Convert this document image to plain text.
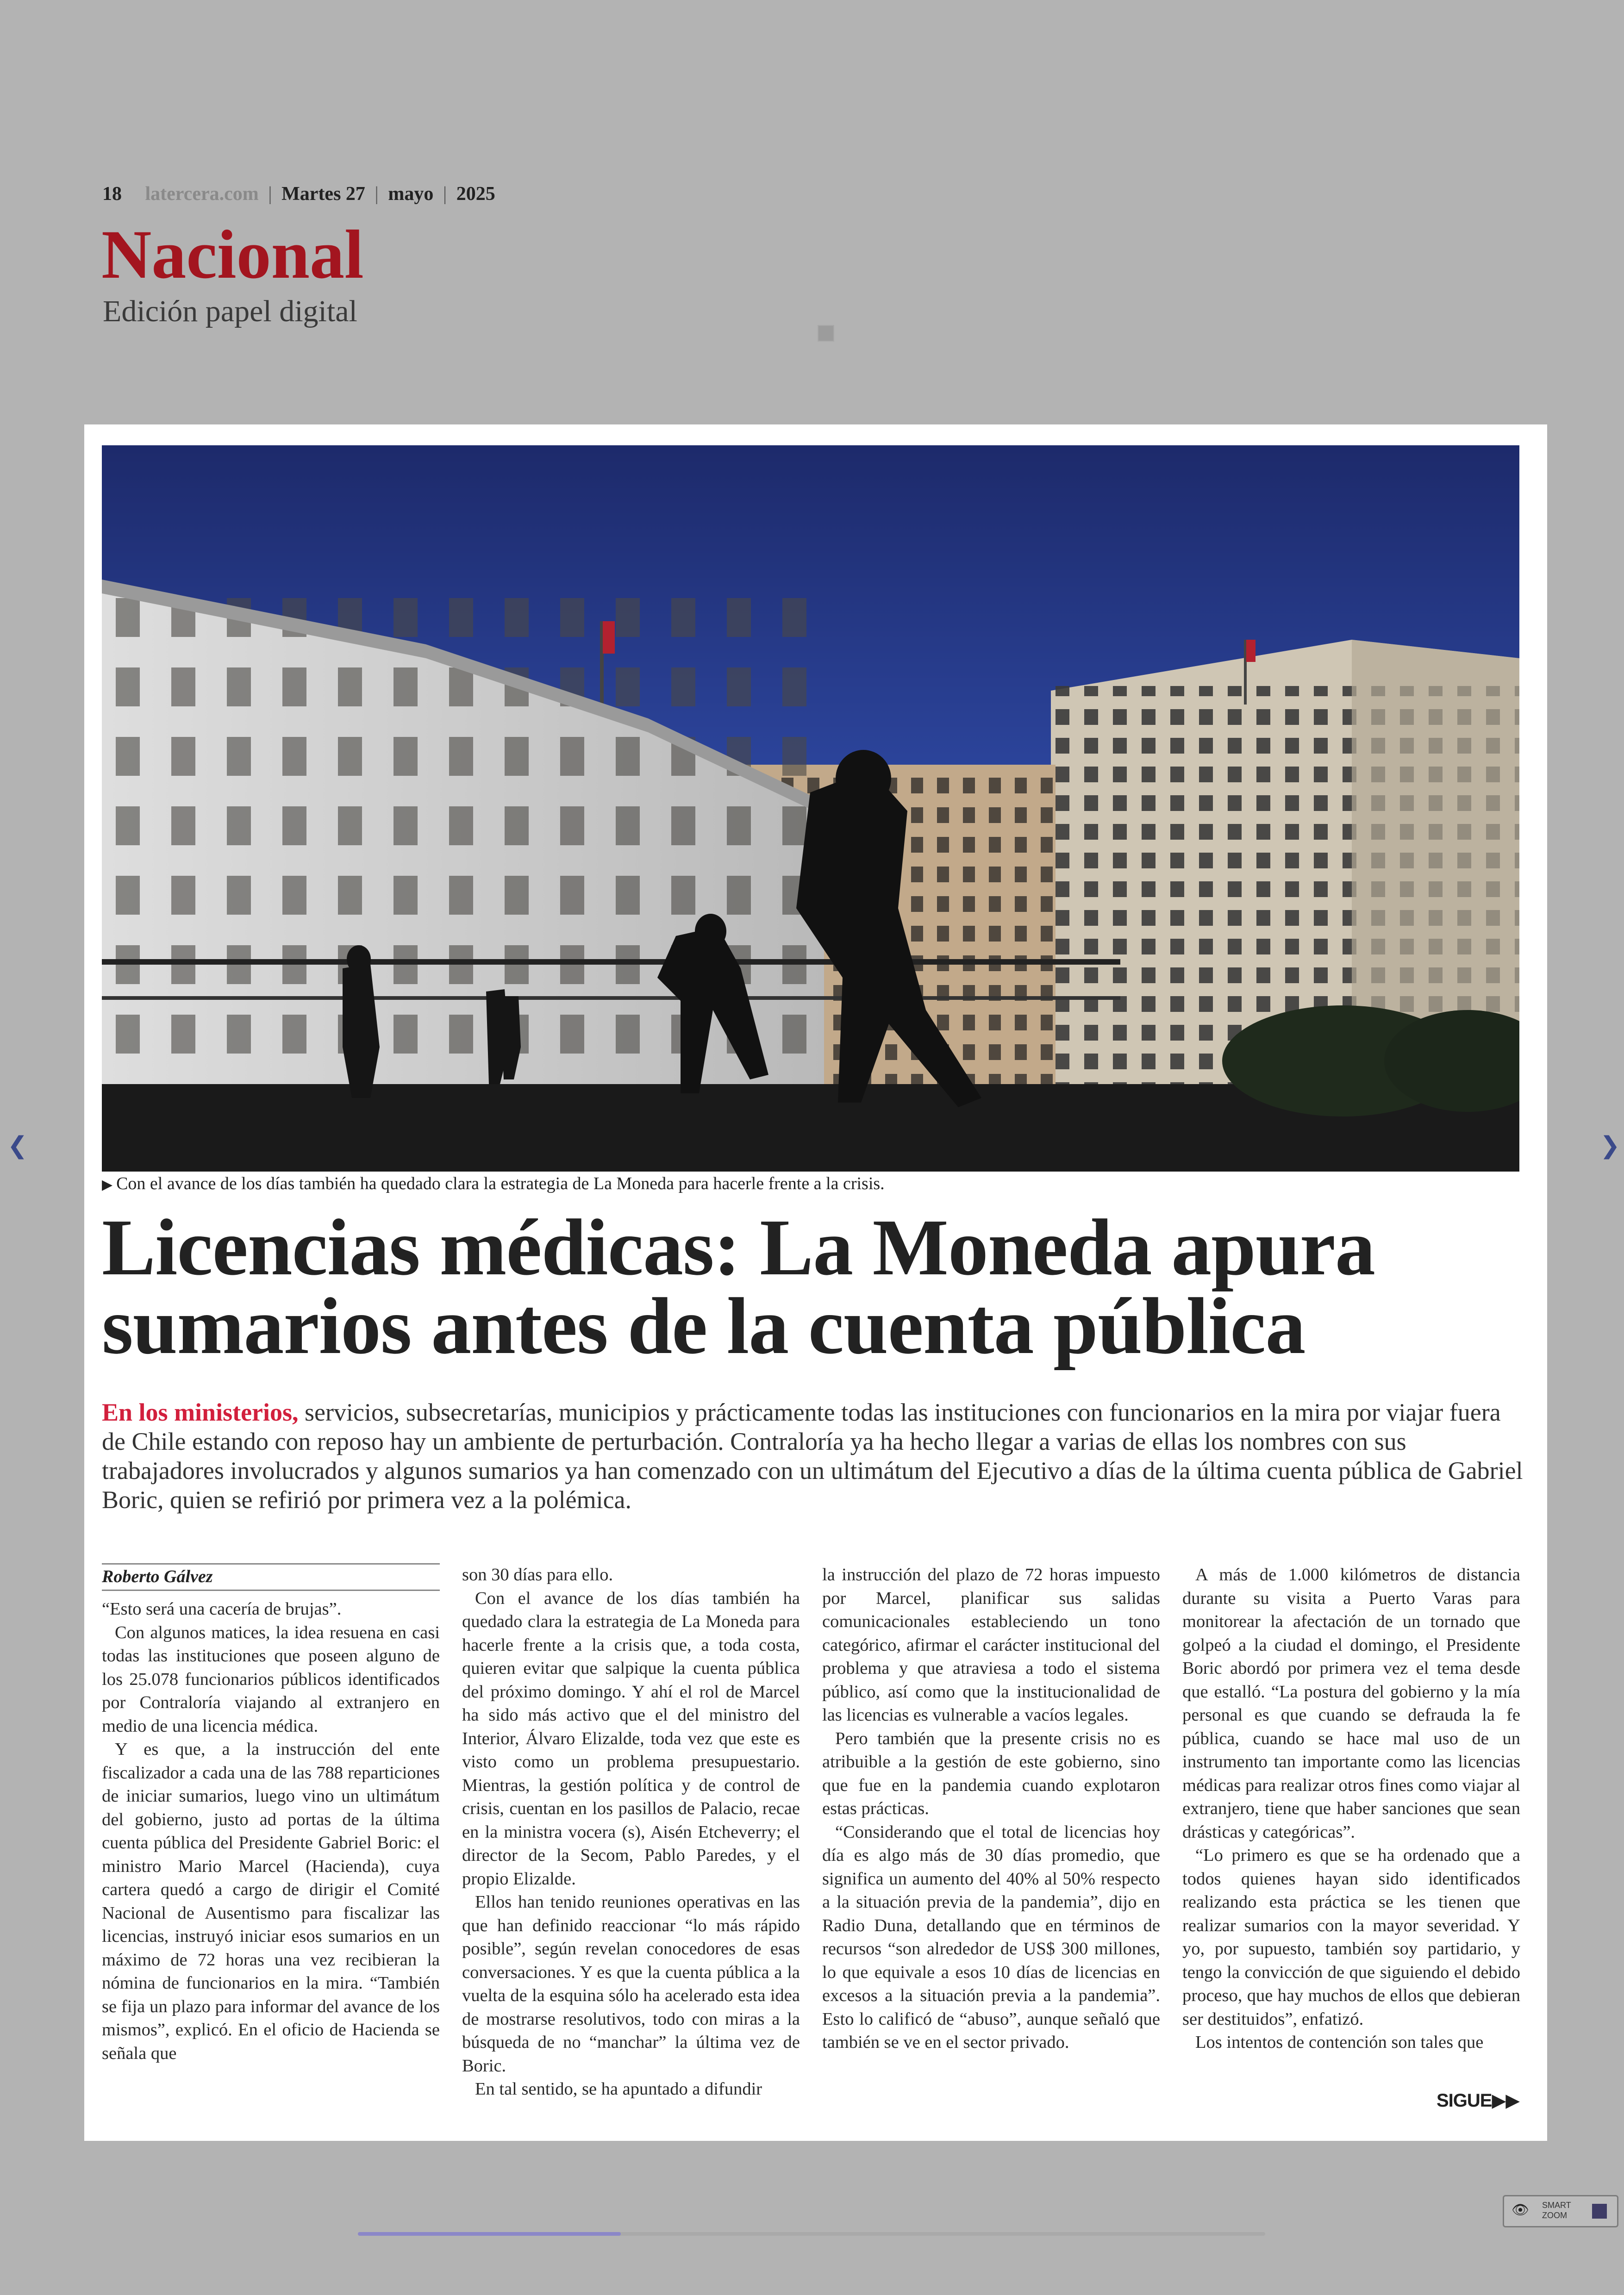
18 latercera.com | Martes 27 | mayo | 2025
Nacional
Edición papel digital
▶ Con el avance de los días también ha quedado clara la estrategia de La Moneda para hacerle frente a la crisis.
Licencias médicas: La Moneda apura sumarios antes de la cuenta pública

En los ministerios, servicios, subsecretarías, municipios y prácticamente todas las instituciones con funcionarios en la mira por viajar fuera de Chile estando con reposo hay un ambiente de perturbación. Contraloría ya ha hecho llegar a varias de ellas los nombres con sus trabajadores involucrados y algunos sumarios ya han comenzado con un ultimátum del Ejecutivo a días de la última cuenta pública de Gabriel Boric, quien se refirió por primera vez a la polémica.

Roberto Gálvez

“Esto será una cacería de brujas”.

Con algunos matices, la idea resuena en casi todas las instituciones que poseen alguno de los 25.078 funcionarios públicos identificados por Contraloría viajando al extranjero en medio de una licencia médica.

Y es que, a la instrucción del ente fiscalizador a cada una de las 788 reparticiones de iniciar sumarios, luego vino un ultimátum del gobierno, justo ad portas de la última cuenta pública del Presidente Gabriel Boric: el ministro Mario Marcel (Hacienda), cuya cartera quedó a cargo de dirigir el Comité Nacional de Ausentismo para fiscalizar las licencias, instruyó iniciar esos sumarios en un máximo de 72 horas una vez recibieran la nómina de funcionarios en la mira. “También se fija un plazo para informar del avance de los mismos”, explicó. En el oficio de Hacienda se señala que

son 30 días para ello.

Con el avance de los días también ha quedado clara la estrategia de La Moneda para hacerle frente a la crisis que, a toda costa, quieren evitar que salpique la cuenta pública del próximo domingo. Y ahí el rol de Marcel ha sido más activo que el del ministro del Interior, Álvaro Elizalde, toda vez que este es visto como un problema presupuestario. Mientras, la gestión política y de control de crisis, cuentan en los pasillos de Palacio, recae en la ministra vocera (s), Aisén Etcheverry; el director de la Secom, Pablo Paredes, y el propio Elizalde.

Ellos han tenido reuniones operativas en las que han definido reaccionar “lo más rápido posible”, según revelan conocedores de esas conversaciones. Y es que la cuenta pública a la vuelta de la esquina sólo ha acelerado esta idea de mostrarse resolutivos, todo con miras a la búsqueda de no “manchar” la última vez de Boric.

En tal sentido, se ha apuntado a difundir

la instrucción del plazo de 72 horas impuesto por Marcel, planificar sus salidas comunicacionales estableciendo un tono categórico, afirmar el carácter institucional del problema y que atraviesa a todo el sistema público, así como que la institucionalidad de las licencias es vulnerable a vacíos legales.

Pero también que la presente crisis no es atribuible a la gestión de este gobierno, sino que fue en la pandemia cuando explotaron estas prácticas.

“Considerando que el total de licencias hoy día es algo más de 30 días promedio, que significa un aumento del 40% al 50% respecto a la situación previa de la pandemia”, dijo en Radio Duna, detallando que en términos de recursos “son alrededor de US$ 300 millones, lo que equivale a esos 10 días de licencias en excesos a la situación previa a la pandemia”. Esto lo calificó de “abuso”, aunque señaló que también se ve en el sector privado.

A más de 1.000 kilómetros de distancia durante su visita a Puerto Varas para monitorear la afectación de un tornado que golpeó a la ciudad el domingo, el Presidente Boric abordó por primera vez el tema desde que estalló. “La postura del gobierno y la mía personal es que cuando se defrauda la fe pública, cuando se hace mal uso de un instrumento tan importante como las licencias médicas para realizar otros fines como viajar al extranjero, tiene que haber sanciones que sean drásticas y categóricas”.

“Lo primero es que se ha ordenado que a todos quienes hayan sido identificados realizando esta práctica se les tienen que realizar sumarios con la mayor severidad. Y yo, por supuesto, también soy partidario, y tengo la convicción de que siguiendo el debido proceso, que hay muchos de ellos que debieran ser destituidos”, enfatizó.

Los intentos de contención son tales que

SIGUE▶▶
❮	❯
👁 SMART
ZOOM
